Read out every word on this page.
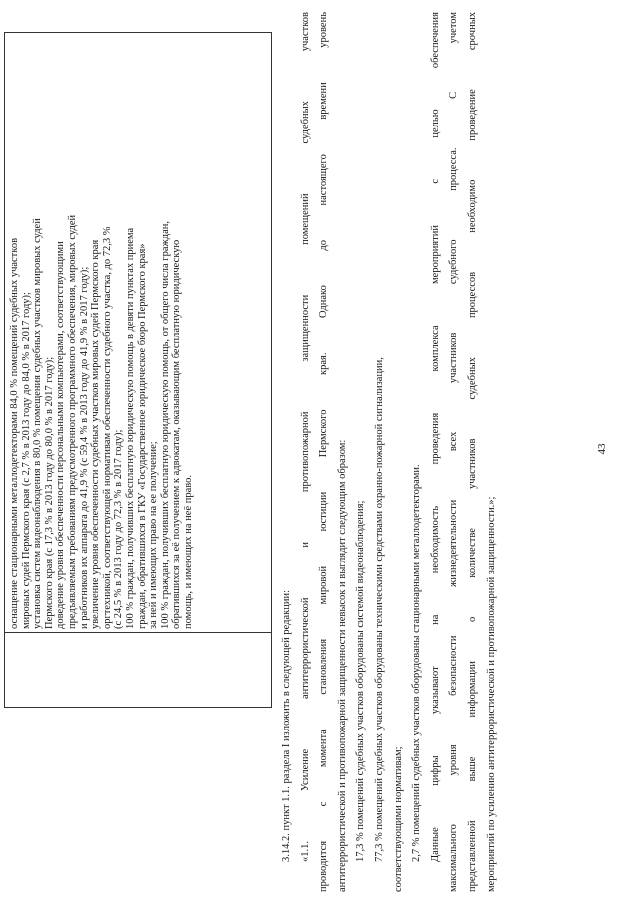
оснащение стационарными металлодетекторами 84,0 % помещений судебных участков мировых судей Пермского края (с 2,7 % в 2013 году до 84,0 % в 2017 году); установка систем видеонаблюдения в 80,0 % помещения судебных участков мировых судей Пермского края (с 17,3 % в 2013 году до 80,0 % в 2017 году); доведение уровня обеспеченности персональными компьютерами, соответствующими предъявляемым требованиям предусмотренного программного обеспечения, мировых судей и работников их аппарата до 41,9 % (с 59,4 % в 2013 году до 41,9 % в 2017 году); увеличение уровня обеспеченности судебных участков мировых судей Пермского края оргтехникой, соответствующей нормативам обеспеченности судебного участка, до 72,3 % (с 24,5 % в 2013 году до 72,3 % в 2017 году); 100 % граждан, получивших бесплатную юридическую помощь в девяти пунктах приема граждан, обратившихся в ГКУ «Государственное юридическое бюро Пермского края» за ней и имеющих право на ее получение; 100 % граждан, получивших бесплатную юридическую помощь, от общего числа граждан, обратившихся за её получением к адвокатам, оказывающим бесплатную юридическую помощь, и имеющих на неё право.
3.14.2. пункт 1.1. раздела I изложить в следующей редакции: «1.1. Усиление антитеррористической и противопожарной защищенности помещений судебных участков проводится с момента становления мировой юстиции Пермского края. Однако до настоящего времени уровень антитеррористической и противопожарной защищенности невысок и выглядит следующим образом: 17,3 % помещений судебных участков оборудованы системой видеонаблюдения; 77,3 % помещений судебных участков оборудованы техническими средствами охранно-пожарной сигнализации, соответствующими нормативам; 2,7 % помещений судебных участков оборудованы стационарными металлодетекторами. Данные цифры указывают на необходимость проведения комплекса мероприятий с целью обеспечения максимального уровня безопасности жизнедеятельности всех участников судебного процесса. С учетом представленной выше информации о количестве участников судебных процессов необходимо проведение срочных мероприятий по усилению антитеррористической и противопожарной защищенности.»;
43
